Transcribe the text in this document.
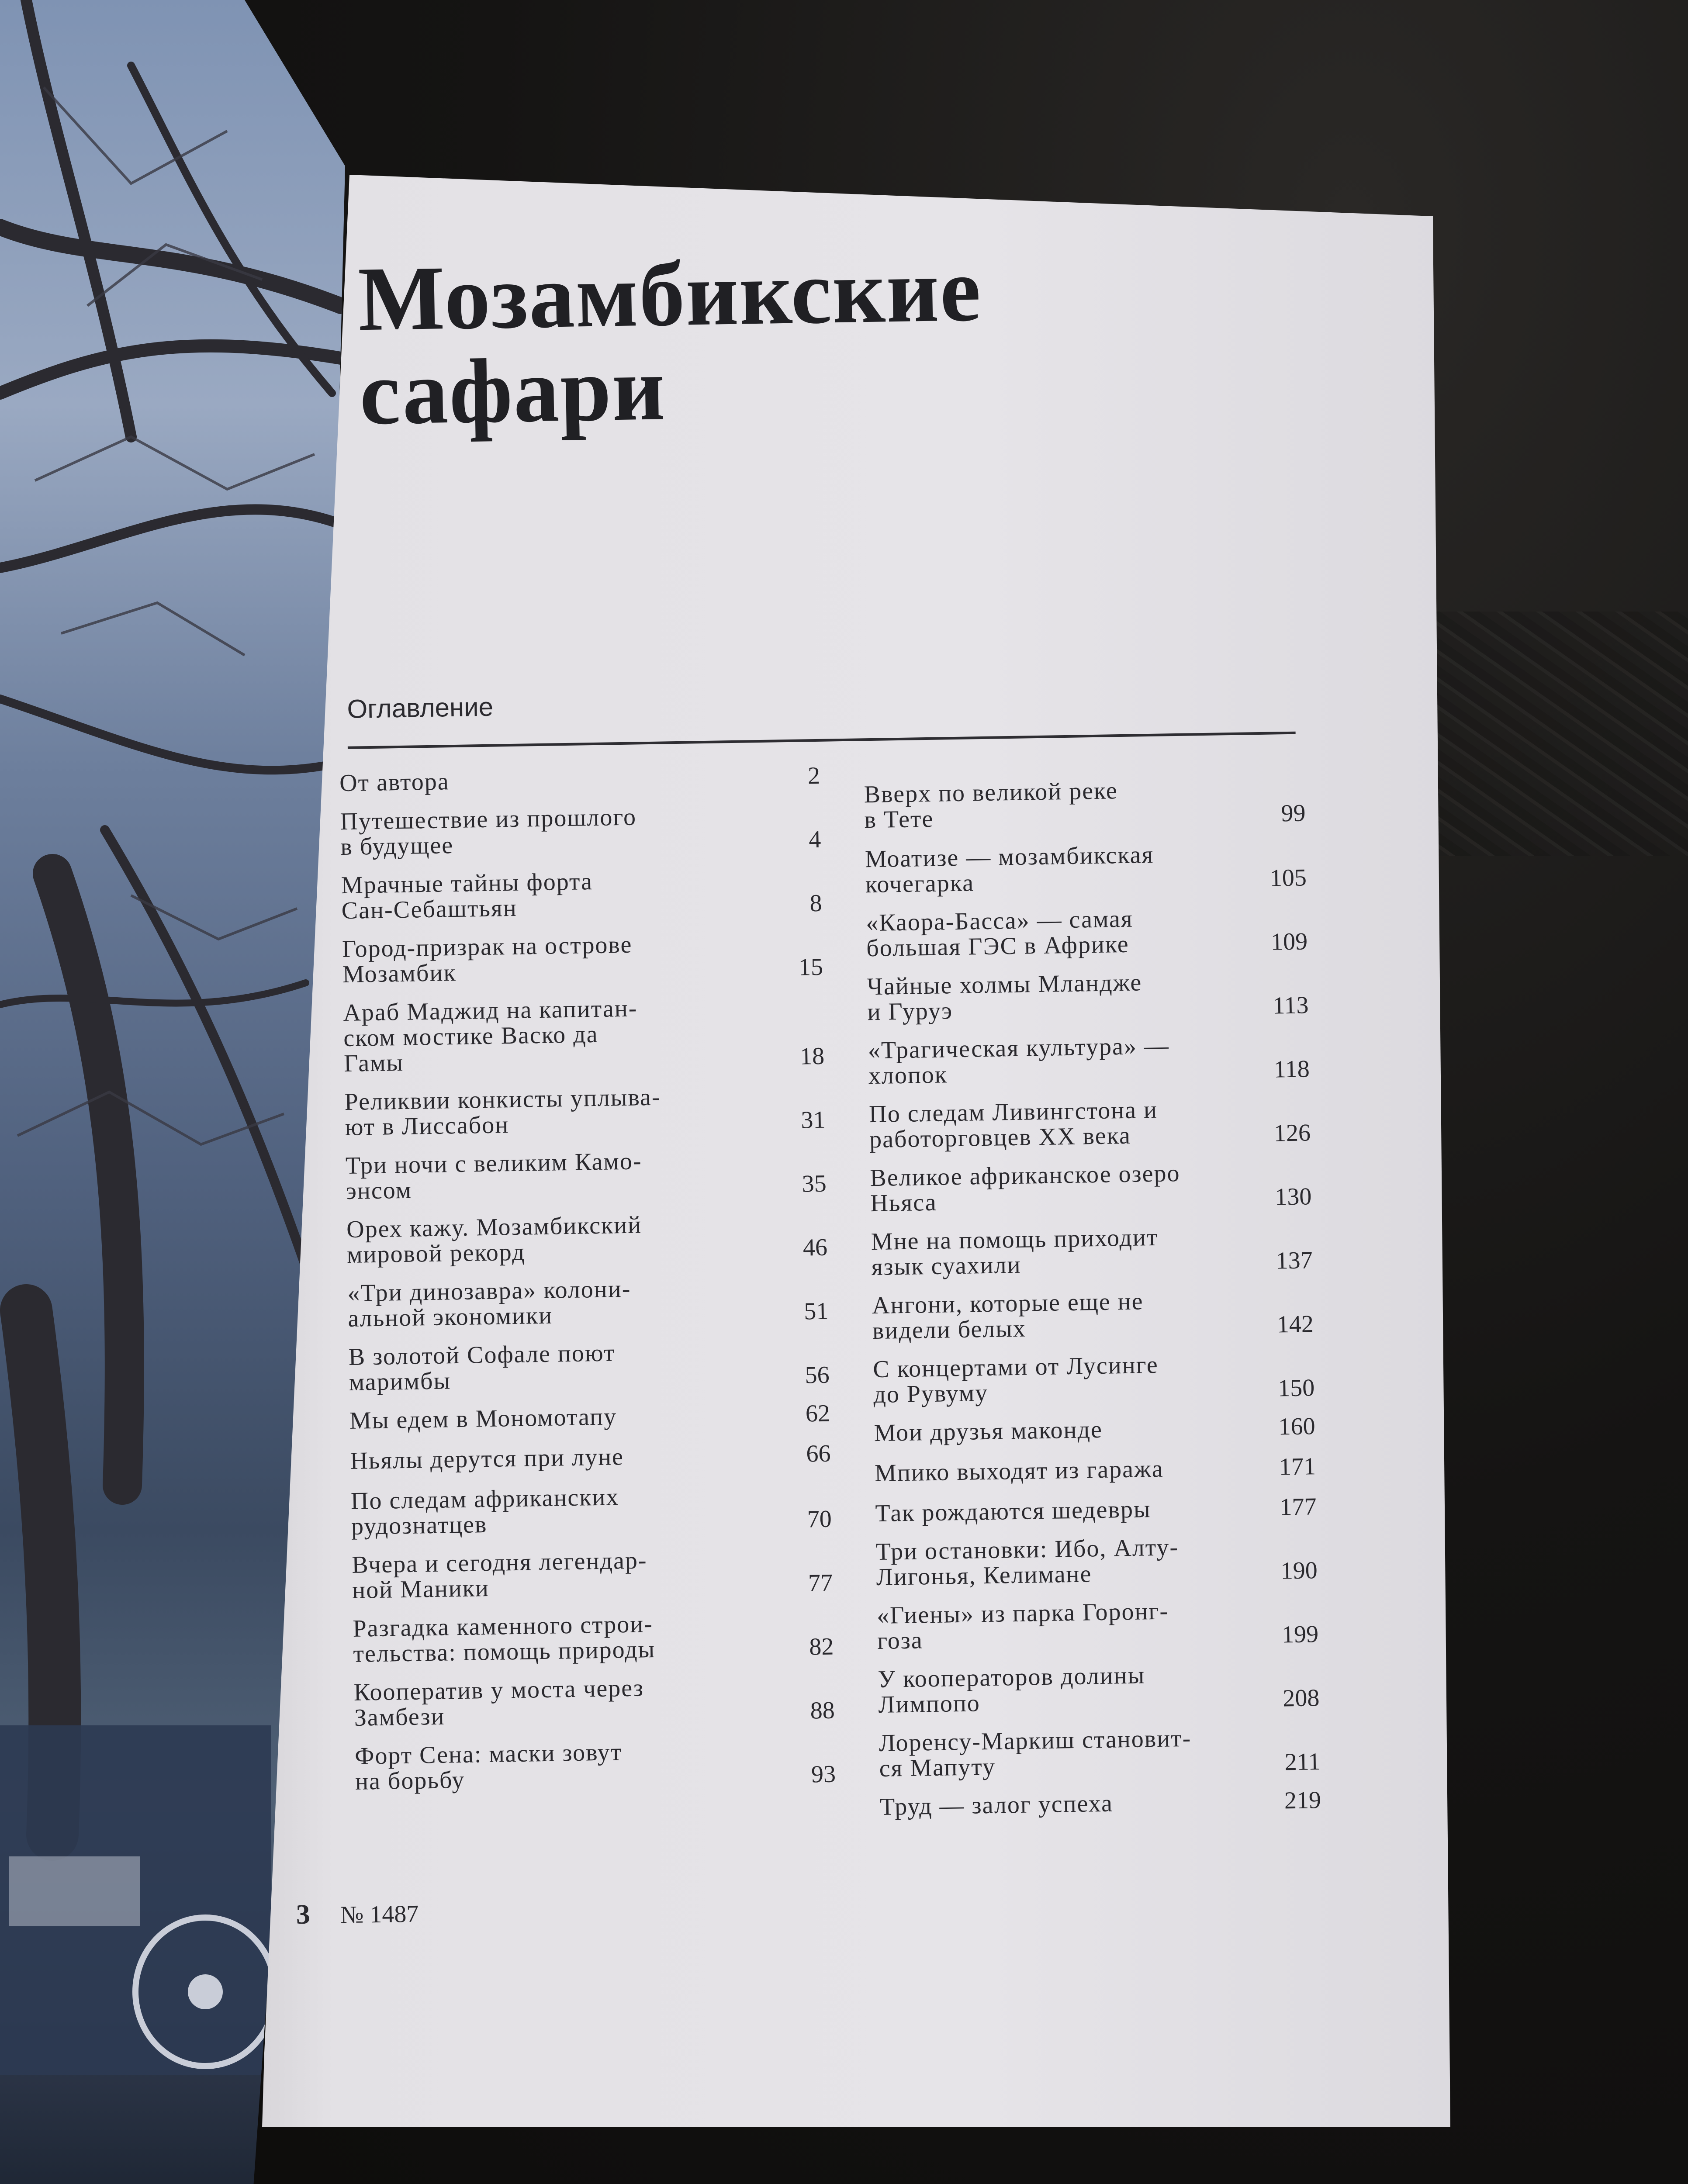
Мозамбикские
сафари
Оглавление
От автора	2
Путешествие из прошлого
в будущее	4
Мрачные тайны форта
Сан-Себаштьян	8
Город-призрак на острове
Мозамбик	15
Араб Маджид на капитан-
ском мостике Васко да
Гамы	18
Реликвии конкисты уплыва-
ют в Лиссабон	31
Три ночи с великим Камо-
энсом	35
Орех кажу. Мозамбикский
мировой рекорд	46
«Три динозавра» колони-
альной экономики	51
В золотой Софале поют
маримбы	56
Мы едем в Мономотапу	62
Ньялы дерутся при луне	66
По следам африканских
рудознатцев	70
Вчера и сегодня легендар-
ной Маники	77
Разгадка каменного строи-
тельства: помощь природы	82
Кооператив у моста через
Замбези	88
Форт Сена: маски зовут
на борьбу	93
Вверх по великой реке
в Тете	99
Моатизе — мозамбикская
кочегарка	105
«Каора-Басса» — самая
большая ГЭС в Африке	109
Чайные холмы Мландже
и Гуруэ	113
«Трагическая культура» —
хлопок	118
По следам Ливингстона и
работорговцев XX века	126
Великое африканское озеро
Ньяса	130
Мне на помощь приходит
язык суахили	137
Ангони, которые еще не
видели белых	142
С концертами от Лусинге
до Рувуму	150
Мои друзья маконде	160
Мпико выходят из гаража	171
Так рождаются шедевры	177
Три остановки: Ибо, Алту-
Лигонья, Келимане	190
«Гиены» из парка Горонг-
гоза	199
У кооператоров долины
Лимпопо	208
Лоренсу-Маркиш становит-
ся Мапуту	211
Труд — залог успеха	219
3 № 1487
